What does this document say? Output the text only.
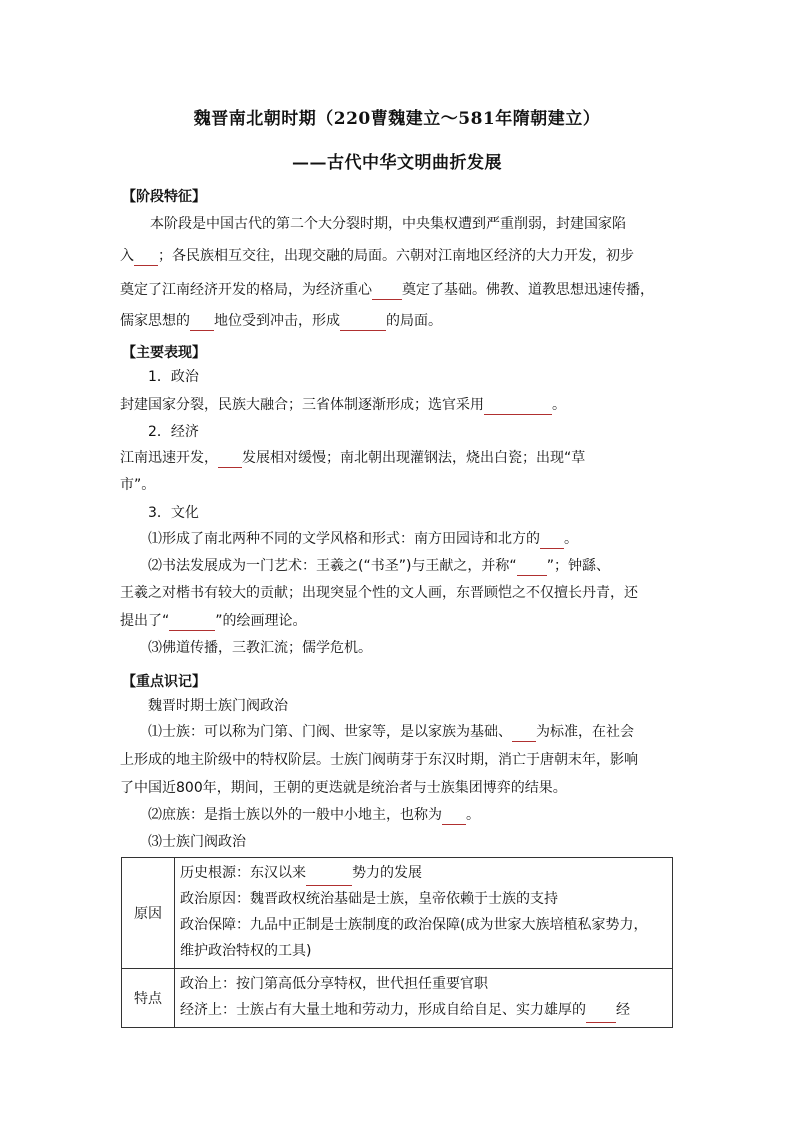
魏晋南北朝时期（220曹魏建立～581年隋朝建立）
——古代中华文明曲折发展
【阶段特征】
本阶段是中国古代的第二个大分裂时期，中央集权遭到严重削弱，封建国家陷
入 ；各民族相互交往，出现交融的局面。六朝对江南地区经济的大力开发，初步
奠定了江南经济开发的格局，为经济重心 奠定了基础。佛教、道教思想迅速传播，
儒家思想的 地位受到冲击，形成	的局面。
【主要表现】
1．政治
封建国家分裂，民族大融合；三省体制逐渐形成；选官采用	。
2．经济
江南迅速开发， 发展相对缓慢；南北朝出现灌钢法，烧出白瓷；出现“草
市”。
3．文化
⑴形成了南北两种不同的文学风格和形式：南方田园诗和北方的 。
⑵书法发展成为一门艺术：王羲之(“书圣”)与王献之，并称“ ”；钟繇、
王羲之对楷书有较大的贡献；出现突显个性的文人画，东晋顾恺之不仅擅长丹青，还
提出了“	”的绘画理论。
⑶佛道传播，三教汇流；儒学危机。
【重点识记】
魏晋时期士族门阀政治
⑴士族：可以称为门第、门阀、世家等，是以家族为基础、 为标准，在社会
上形成的地主阶级中的特权阶层。士族门阀萌芽于东汉时期，消亡于唐朝末年，影响
了中国近800年，期间，王朝的更迭就是统治者与士族集团博弈的结果。
⑵庶族：是指士族以外的一般中小地主，也称为 。
⑶士族门阀政治
原因	历史根源：东汉以来 势力的发展
政治原因：魏晋政权统治基础是士族，皇帝依赖于士族的支持
政治保障：九品中正制是士族制度的政治保障(成为世家大族培植私家势力，
维护政治特权的工具)

特点	政治上：按门第高低分享特权，世代担任重要官职
经济上：士族占有大量土地和劳动力，形成自给自足、实力雄厚的 经
